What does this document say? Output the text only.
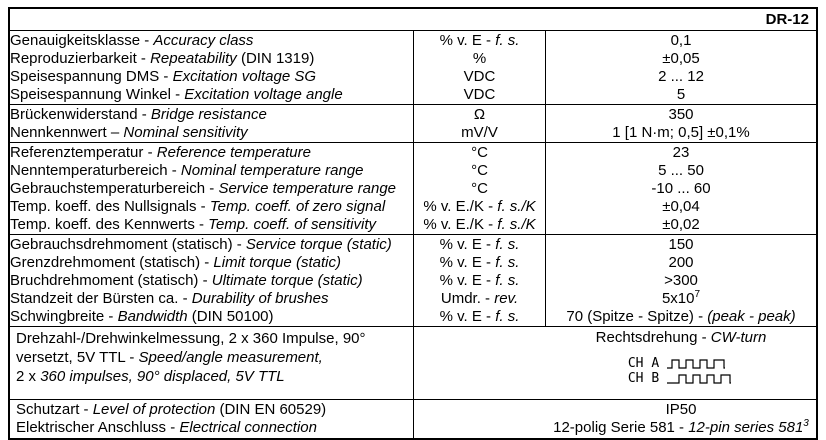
DR-12
Genauigkeitsklasse - Accuracy class
Reproduzierbarkeit - Repeatability (DIN 1319)
Speisespannung DMS - Excitation voltage SG
Speisespannung Winkel - Excitation voltage angle
% v. E - f. s.
%
VDC
VDC
0,1
±0,05
2 ... 12
5
Brückenwiderstand - Bridge resistance
Nennkennwert – Nominal sensitivity
Ω
mV/V
350
1 [1 N·m; 0,5] ±0,1%
Referenztemperatur - Reference temperature
Nenntemperaturbereich - Nominal temperature range
Gebrauchstemperaturbereich - Service temperature range
Temp. koeff. des Nullsignals - Temp. coeff. of zero signal
Temp. koeff. des Kennwerts - Temp. coeff. of sensitivity
°C
°C
°C
% v. E./K - f. s./K
% v. E./K - f. s./K
23
5 ... 50
-10 ... 60
±0,04
±0,02
Gebrauchsdrehmoment (statisch) - Service torque (static)
Grenzdrehmoment (statisch) - Limit torque (static)
Bruchdrehmoment (statisch) - Ultimate torque (static)
Standzeit der Bürsten ca. - Durability of brushes
Schwingbreite - Bandwidth (DIN 50100)
% v. E - f. s.
% v. E - f. s.
% v. E - f. s.
Umdr. - rev.
% v. E - f. s.
150
200
>300
$5x10^7$
70 (Spitze - Spitze) - (peak - peak)
Drehzahl-/Drehwinkelmessung, 2 x 360 Impulse, 90°
versetzt, 5V TTL - Speed/angle measurement,
2 x 360 impulses, 90° displaced, 5V TTL
Rechtsdrehung - CW-turn
CH A
CH B
Schutzart - Level of protection (DIN EN 60529)
Elektrischer Anschluss - Electrical connection
IP50
12-polig Serie 581 - 12-pin series $581^3$
